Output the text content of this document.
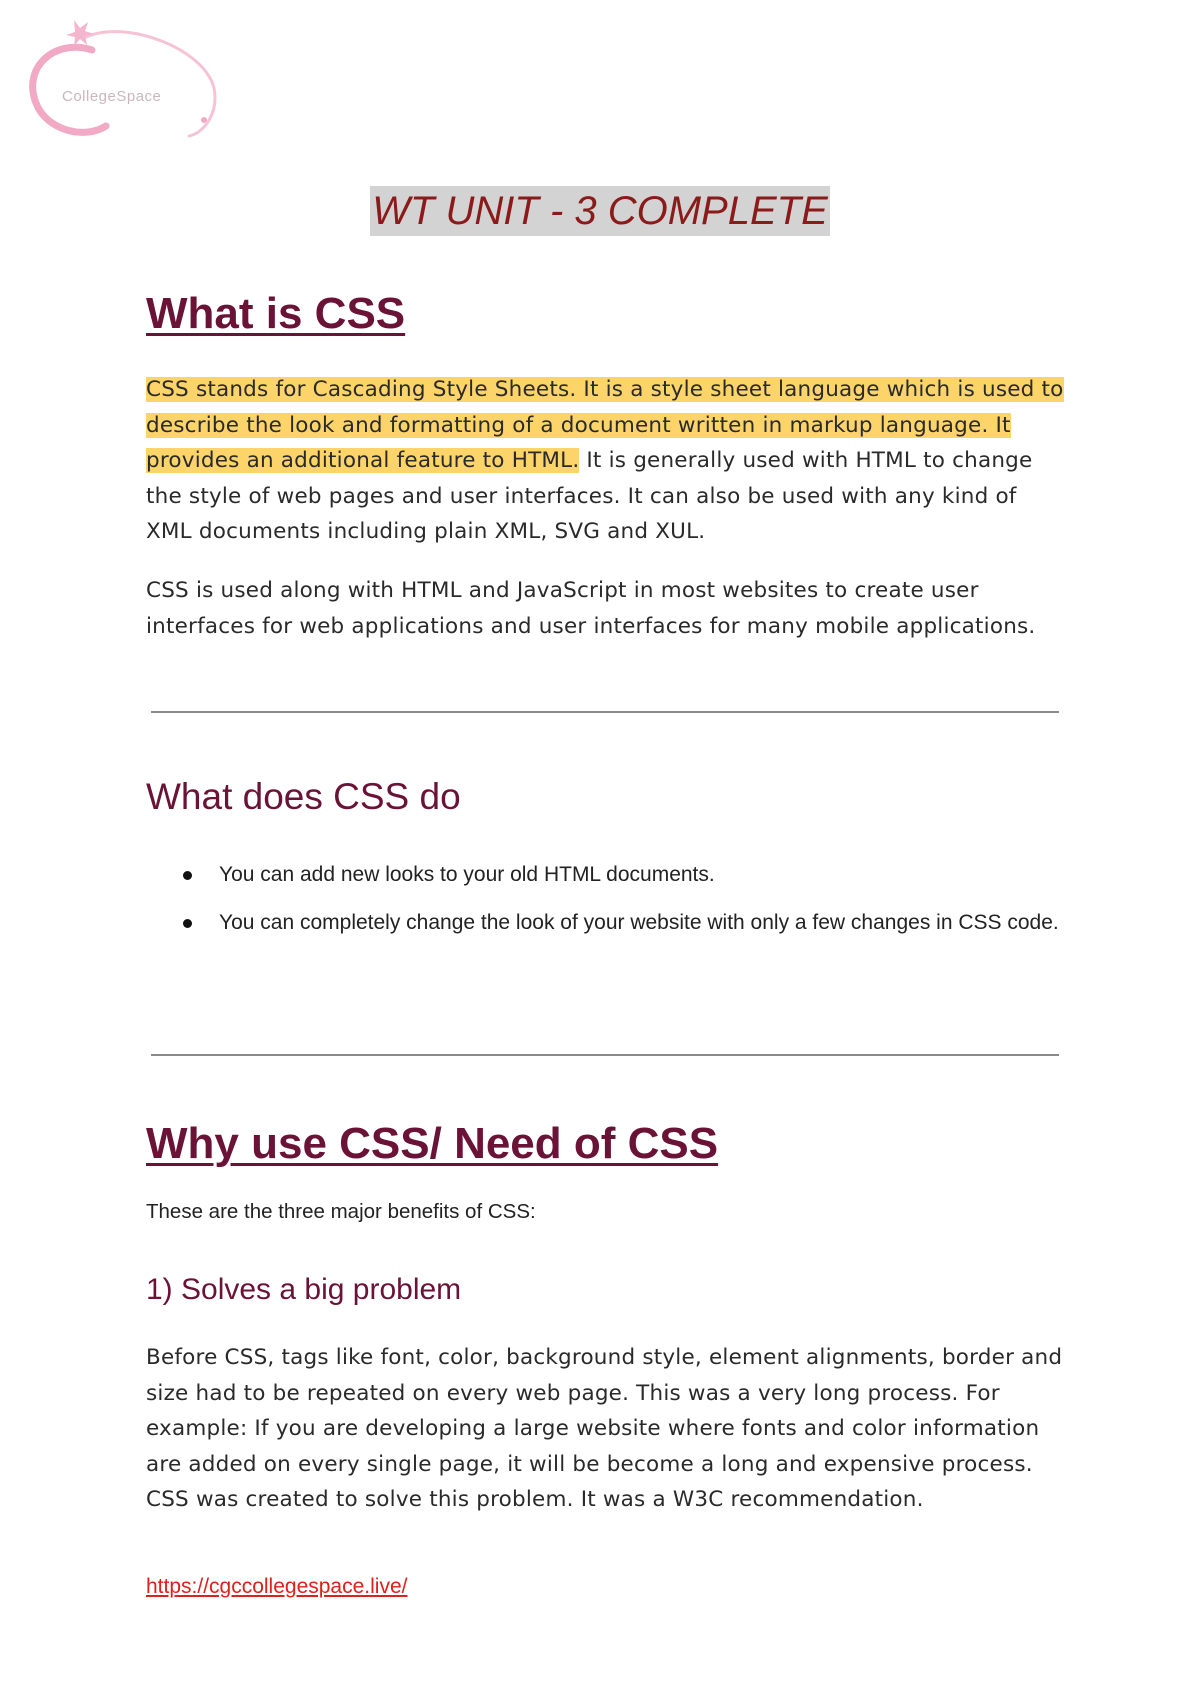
CollegeSpace
WT UNIT - 3 COMPLETE
What is CSS

CSS stands for Cascading Style Sheets. It is a style sheet language which is used to describe the look and formatting of a document written in markup language. It provides an additional feature to HTML. It is generally used with HTML to change the style of web pages and user interfaces. It can also be used with any kind of XML documents including plain XML, SVG and XUL.

CSS is used along with HTML and JavaScript in most websites to create user interfaces for web applications and user interfaces for many mobile applications.

What does CSS do
You can add new looks to your old HTML documents.
You can completely change the look of your website with only a few changes in CSS code.
Why use CSS/ Need of CSS

These are the three major benefits of CSS:

1) Solves a big problem

Before CSS, tags like font, color, background style, element alignments, border and size had to be repeated on every web page. This was a very long process. For example: If you are developing a large website where fonts and color information are added on every single page, it will be become a long and expensive process. CSS was created to solve this problem. It was a W3C recommendation.

https://cgccollegespace.live/
